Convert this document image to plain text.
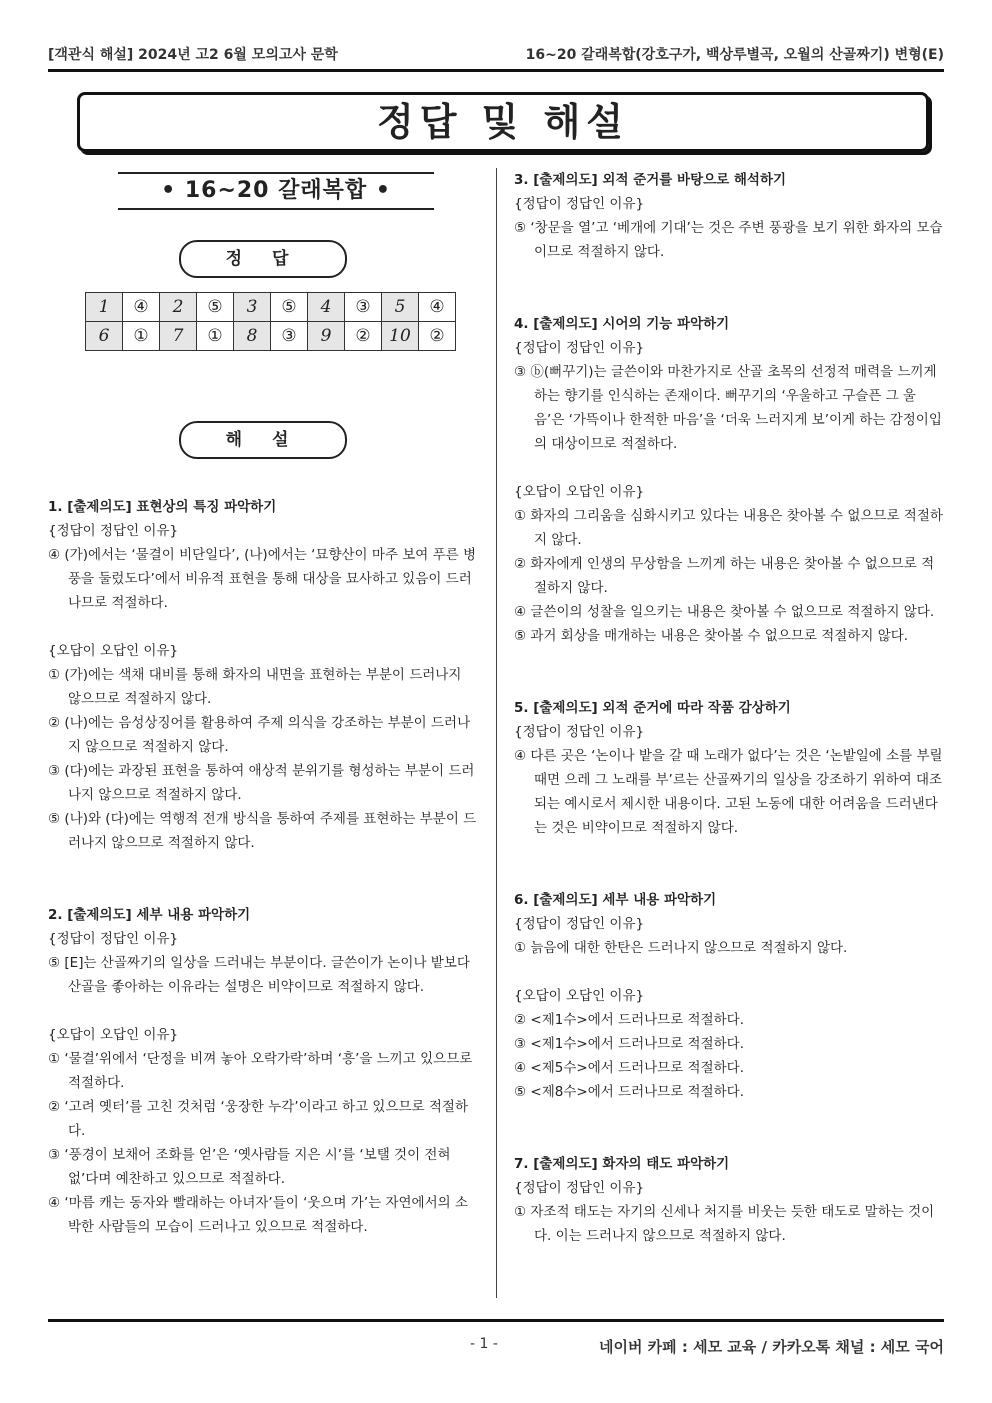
[객관식 해설] 2024년 고2 6월 모의고사 문학	16~20 갈래복합(강호구가, 백상루별곡, 오월의 산골짜기) 변형(E)
정답 및 해설
• 16~20 갈래복합 •
정 답
1	④	2	⑤	3	⑤	4	③	5	④
6	①	7	①	8	③	9	②	10	②
해 설

1. [출제의도] 표현상의 특징 파악하기

{정답이 정답인 이유}

④ (가)에서는 ‘물결이 비단일다’, (나)에서는 ‘묘향산이 마주 보여 푸른 병풍을 둘렀도다’에서 비유적 표현을 통해 대상을 묘사하고 있음이 드러나므로 적절하다.

{오답이 오답인 이유}

① (가)에는 색채 대비를 통해 화자의 내면을 표현하는 부분이 드러나지 않으므로 적절하지 않다.

② (나)에는 음성상징어를 활용하여 주제 의식을 강조하는 부분이 드러나지 않으므로 적절하지 않다.

③ (다)에는 과장된 표현을 통하여 애상적 분위기를 형성하는 부분이 드러나지 않으므로 적절하지 않다.

⑤ (나)와 (다)에는 역행적 전개 방식을 통하여 주제를 표현하는 부분이 드러나지 않으므로 적절하지 않다.

2. [출제의도] 세부 내용 파악하기

{정답이 정답인 이유}

⑤ [E]는 산골짜기의 일상을 드러내는 부분이다. 글쓴이가 논이나 밭보다 산골을 좋아하는 이유라는 설명은 비약이므로 적절하지 않다.

{오답이 오답인 이유}

① ‘물결’위에서 ‘단정을 비껴 놓아 오락가락’하며 ‘흥’을 느끼고 있으므로 적절하다.

② ‘고려 옛터’를 고친 것처럼 ‘웅장한 누각’이라고 하고 있으므로 적절하다.

③ ‘풍경이 보채어 조화를 얻’은 ‘옛사람들 지은 시’를 ‘보탤 것이 전혀 없’다며 예찬하고 있으므로 적절하다.

④ ‘마름 캐는 동자와 빨래하는 아녀자’들이 ‘웃으며 가’는 자연에서의 소박한 사람들의 모습이 드러나고 있으므로 적절하다.

3. [출제의도] 외적 준거를 바탕으로 해석하기

{정답이 정답인 이유}

⑤ ‘창문을 열’고 ‘베개에 기대’는 것은 주변 풍광을 보기 위한 화자의 모습이므로 적절하지 않다.

4. [출제의도] 시어의 기능 파악하기

{정답이 정답인 이유}

③ ⓑ(뻐꾸기)는 글쓴이와 마찬가지로 산골 초목의 선정적 매력을 느끼게 하는 향기를 인식하는 존재이다. 뻐꾸기의 ‘우울하고 구슬픈 그 울음’은 ‘가뜩이나 한적한 마음’을 ‘더욱 느러지게 보’이게 하는 감정이입의 대상이므로 적절하다.

{오답이 오답인 이유}

① 화자의 그리움을 심화시키고 있다는 내용은 찾아볼 수 없으므로 적절하지 않다.

② 화자에게 인생의 무상함을 느끼게 하는 내용은 찾아볼 수 없으므로 적절하지 않다.

④ 글쓴이의 성찰을 일으키는 내용은 찾아볼 수 없으므로 적절하지 않다.

⑤ 과거 회상을 매개하는 내용은 찾아볼 수 없으므로 적절하지 않다.

5. [출제의도] 외적 준거에 따라 작품 감상하기

{정답이 정답인 이유}

④ 다른 곳은 ‘논이나 밭을 갈 때 노래가 없다’는 것은 ‘논밭일에 소를 부릴 때면 으레 그 노래를 부’르는 산골짜기의 일상을 강조하기 위하여 대조되는 예시로서 제시한 내용이다. 고된 노동에 대한 어려움을 드러낸다는 것은 비약이므로 적절하지 않다.

6. [출제의도] 세부 내용 파악하기

{정답이 정답인 이유}

① 늙음에 대한 한탄은 드러나지 않으므로 적절하지 않다.

{오답이 오답인 이유}

② <제1수>에서 드러나므로 적절하다.

③ <제1수>에서 드러나므로 적절하다.

④ <제5수>에서 드러나므로 적절하다.

⑤ <제8수>에서 드러나므로 적절하다.

7. [출제의도] 화자의 태도 파악하기

{정답이 정답인 이유}

① 자조적 태도는 자기의 신세나 처지를 비웃는 듯한 태도로 말하는 것이다. 이는 드러나지 않으므로 적절하지 않다.

- 1 -	네이버 카페 : 세모 교육 / 카카오톡 채널 : 세모 국어
